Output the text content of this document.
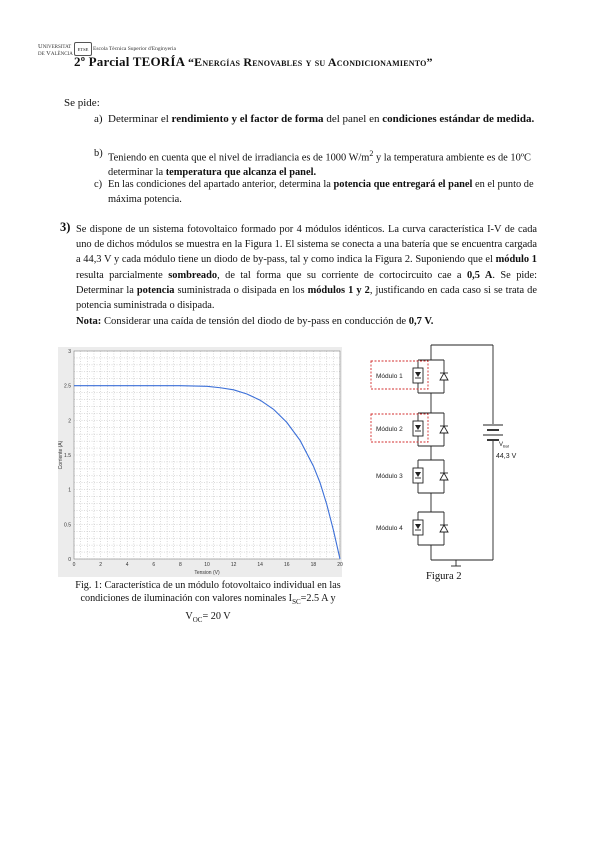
Universitat
de València
ETSE Escola Tècnica Superior d'Enginyeria
2º Parcial TEORÍA “Energías Renovables y su Acondicionamiento”
Se pide:
a) Determinar el rendimiento y el factor de forma del panel en condiciones estándar de medida.
b) Teniendo en cuenta que el nivel de irradiancia es de 1000 $W/m^2$ y la temperatura ambiente es de 10ºC determinar la temperatura que alcanza el panel.
c) En las condiciones del apartado anterior, determina la potencia que entregará el panel en el punto de máxima potencia.
3) Se dispone de un sistema fotovoltaico formado por 4 módulos idénticos. La curva característica I-V de cada uno de dichos módulos se muestra en la Figura 1. El sistema se conecta a una batería que se encuentra cargada a 44,3 V y cada módulo tiene un diodo de by-pass, tal y como indica la Figura 2. Suponiendo que el módulo 1 resulta parcialmente sombreado, de tal forma que su corriente de cortocircuito cae a 0,5 A. Se pide: Determinar la potencia suministrada o disipada en los módulos 1 y 2, justificando en cada caso si se trata de potencia suministrada o disipada.
Nota: Considerar una caída de tensión del diodo de by-pass en conducción de 0,7 V.
0	2	4	6	8	10	12	14	16	18	20
0
0.5
1
1.5
2
2.5
3
Tension (V)
Corriente (A)
Fig. 1: Característica de un módulo fotovoltaico individual en las
condiciones de iluminación con valores nominales $I_{SC}=2.5$ A y
$V_{OC}= 20$ V
Módulo 1
Módulo 2
Módulo 3
Módulo 4
$V_{Bat}$
44,3 V
Figura 2
